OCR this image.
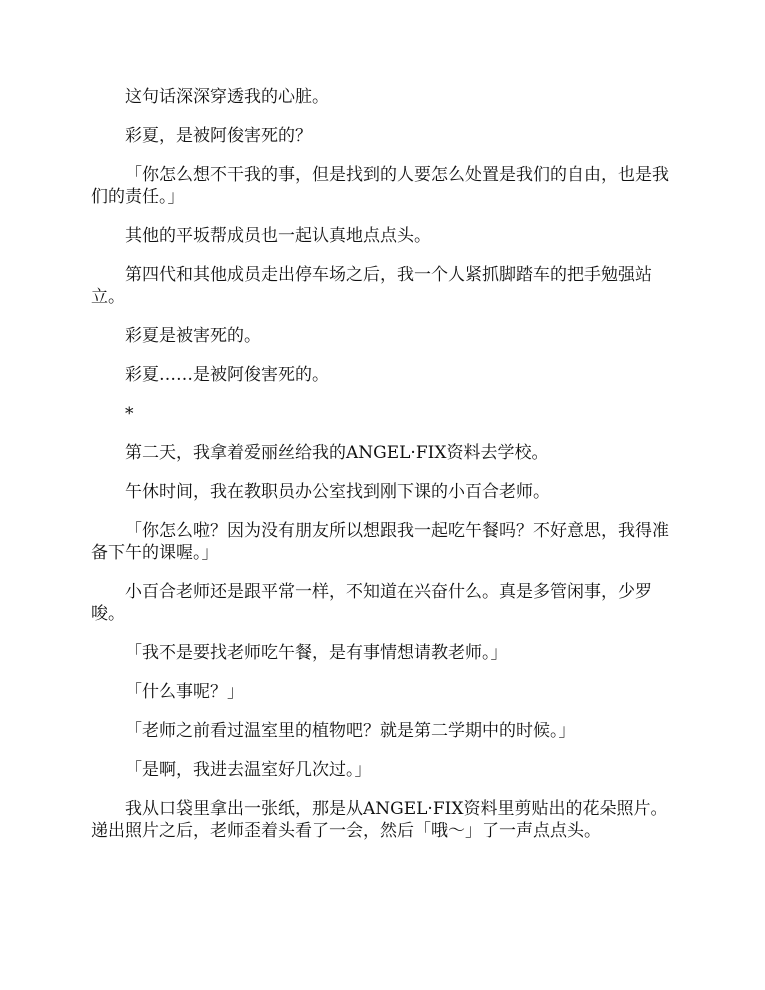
这句话深深穿透我的心脏。

彩夏，是被阿俊害死的？

「你怎么想不干我的事，但是找到的人要怎么处置是我们的自由，也是我们的责任。」

其他的平坂帮成员也一起认真地点点头。

第四代和其他成员走出停车场之后，我一个人紧抓脚踏车的把手勉强站立。

彩夏是被害死的。

彩夏……是被阿俊害死的。

*

第二天，我拿着爱丽丝给我的ANGEL·FIX资料去学校。

午休时间，我在教职员办公室找到刚下课的小百合老师。

「你怎么啦？因为没有朋友所以想跟我一起吃午餐吗？不好意思，我得准备下午的课喔。」

小百合老师还是跟平常一样，不知道在兴奋什么。真是多管闲事，少罗唆。

「我不是要找老师吃午餐，是有事情想请教老师。」

「什么事呢？」

「老师之前看过温室里的植物吧？就是第二学期中的时候。」

「是啊，我进去温室好几次过。」

我从口袋里拿出一张纸，那是从ANGEL·FIX资料里剪贴出的花朵照片。递出照片之后，老师歪着头看了一会，然后「哦～」了一声点点头。
